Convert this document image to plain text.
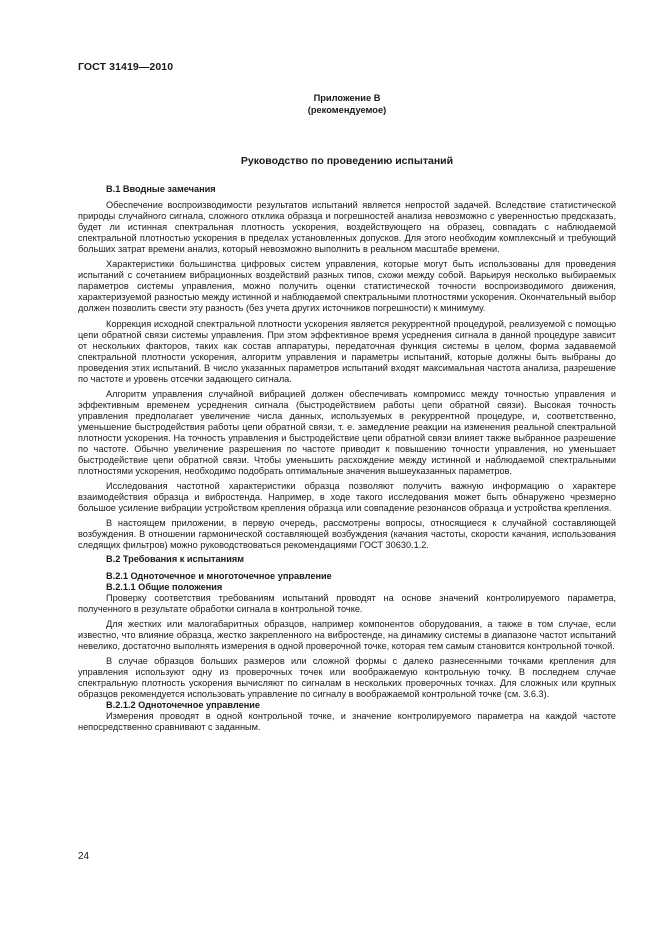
ГОСТ 31419—2010
Приложение В
(рекомендуемое)
Руководство по проведению испытаний
В.1 Вводные замечания

Обеспечение воспроизводимости результатов испытаний является непростой задачей. Вследствие статистической природы случайного сигнала, сложного отклика образца и погрешностей анализа невозможно с уверенностью предсказать, будет ли истинная спектральная плотность ускорения, воздействующего на образец, совпадать с наблюдаемой спектральной плотностью ускорения в пределах установленных допусков. Для этого необходим комплексный и требующий больших затрат времени анализ, который невозможно выполнить в реальном масштабе времени.

Характеристики большинства цифровых систем управления, которые могут быть использованы для проведения испытаний с сочетанием вибрационных воздействий разных типов, схожи между собой. Варьируя несколько выбираемых параметров системы управления, можно получить оценки статистической точности воспроизводимого движения, характеризуемой разностью между истинной и наблюдаемой спектральными плотностями ускорения. Окончательный выбор должен позволить свести эту разность (без учета других источников погрешности) к минимуму.

Коррекция исходной спектральной плотности ускорения является рекуррентной процедурой, реализуемой с помощью цепи обратной связи системы управления. При этом эффективное время усреднения сигнала в данной процедуре зависит от нескольких факторов, таких как состав аппаратуры, передаточная функция системы в целом, форма задаваемой спектральной плотности ускорения, алгоритм управления и параметры испытаний, которые должны быть выбраны до проведения этих испытаний. В число указанных параметров испытаний входят максимальная частота анализа, разрешение по частоте и уровень отсечки задающего сигнала.

Алгоритм управления случайной вибрацией должен обеспечивать компромисс между точностью управления и эффективным временем усреднения сигнала (быстродействием работы цепи обратной связи). Высокая точность управления предполагает увеличение числа данных, используемых в рекуррентной процедуре, и, соответственно, уменьшение быстродействия работы цепи обратной связи, т. е. замедление реакции на изменения реальной спектральной плотности ускорения. На точность управления и быстродействие цепи обратной связи влияет также выбранное разрешение по частоте. Обычно увеличение разрешения по частоте приводит к повышению точности управления, но уменьшает быстродействие цепи обратной связи. Чтобы уменьшить расхождение между истинной и наблюдаемой спектральными плотностями ускорения, необходимо подобрать оптимальные значения вышеуказанных параметров.

Исследования частотной характеристики образца позволяют получить важную информацию о характере взаимодействия образца и вибростенда. Например, в ходе такого исследования может быть обнаружено чрезмерно большое усиление вибрации устройством крепления образца или совпадение резонансов образца и устройства крепления.

В настоящем приложении, в первую очередь, рассмотрены вопросы, относящиеся к случайной составляющей возбуждения. В отношении гармонической составляющей возбуждения (качания частоты, скорости качания, использования следящих фильтров) можно руководствоваться рекомендациями ГОСТ 30630.1.2.

В.2 Требования к испытаниям
В.2.1 Одноточечное и многоточечное управление
В.2.1.1 Общие положения

Проверку соответствия требованиям испытаний проводят на основе значений контролируемого параметра, полученного в результате обработки сигнала в контрольной точке.

Для жестких или малогабаритных образцов, например компонентов оборудования, а также в том случае, если известно, что влияние образца, жестко закрепленного на вибростенде, на динамику системы в диапазоне частот испытаний невелико, достаточно выполнять измерения в одной проверочной точке, которая тем самым становится контрольной точкой.

В случае образцов больших размеров или сложной формы с далеко разнесенными точками крепления для управления используют одну из проверочных точек или воображаемую контрольную точку. В последнем случае спектральную плотность ускорения вычисляют по сигналам в нескольких проверочных точках. Для сложных или крупных образцов рекомендуется использовать управление по сигналу в воображаемой контрольной точке (см. 3.6.3).

В.2.1.2 Одноточечное управление

Измерения проводят в одной контрольной точке, и значение контролируемого параметра на каждой частоте непосредственно сравнивают с заданным.

24
